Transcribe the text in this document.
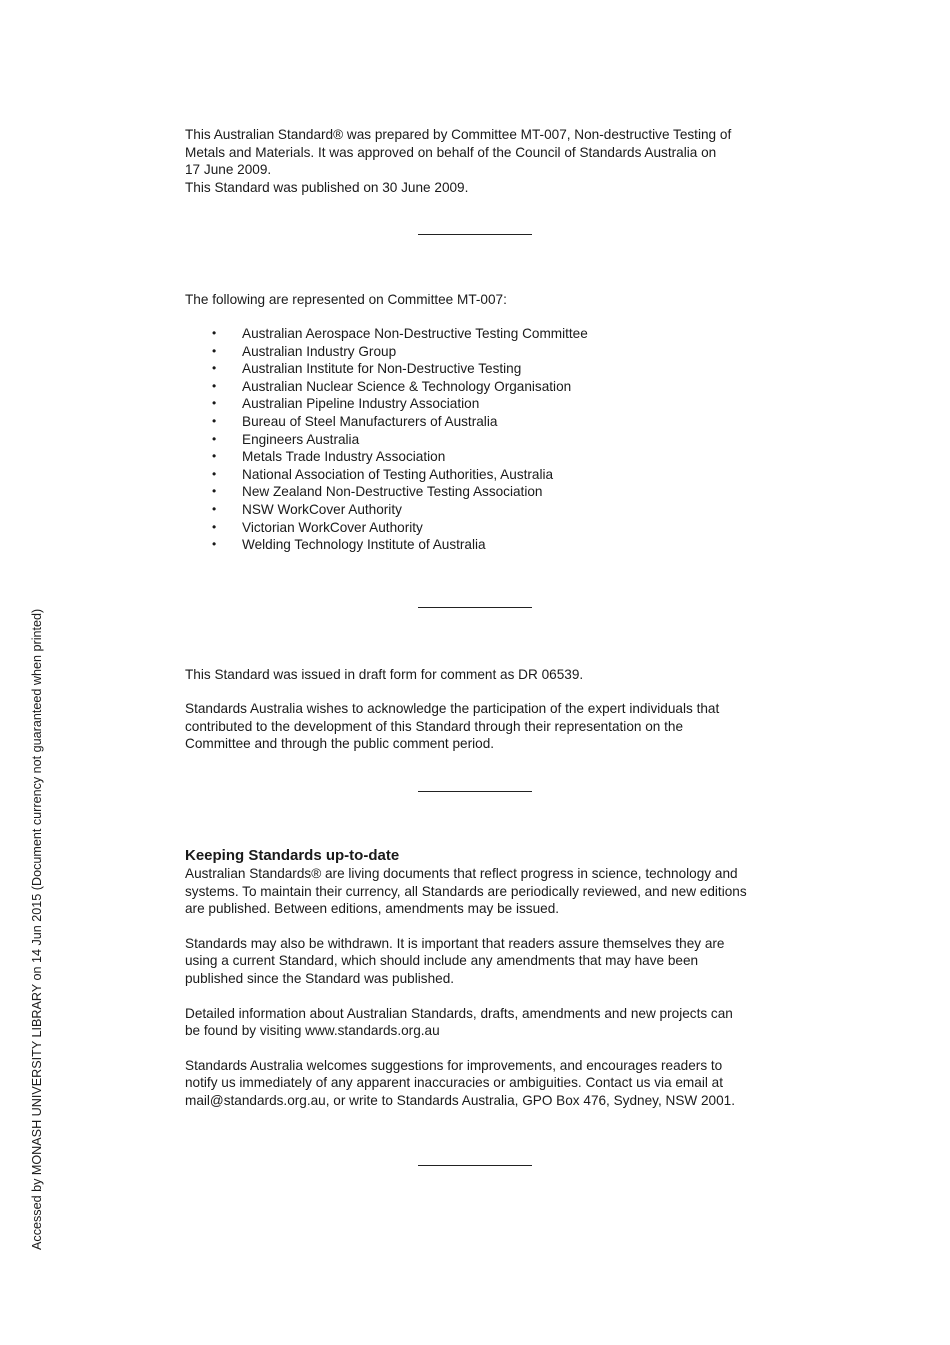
This Australian Standard® was prepared by Committee MT-007, Non-destructive Testing of
Metals and Materials. It was approved on behalf of the Council of Standards Australia on
17 June 2009.
This Standard was published on 30 June 2009.

The following are represented on Committee MT-007:

• Australian Aerospace Non-Destructive Testing Committee
• Australian Industry Group
• Australian Institute for Non-Destructive Testing
• Australian Nuclear Science & Technology Organisation
• Australian Pipeline Industry Association
• Bureau of Steel Manufacturers of Australia
• Engineers Australia
• Metals Trade Industry Association
• National Association of Testing Authorities, Australia
• New Zealand Non-Destructive Testing Association
• NSW WorkCover Authority
• Victorian WorkCover Authority
• Welding Technology Institute of Australia

This Standard was issued in draft form for comment as DR 06539.

Standards Australia wishes to acknowledge the participation of the expert individuals that
contributed to the development of this Standard through their representation on the
Committee and through the public comment period.

Keeping Standards up-to-date

Australian Standards® are living documents that reflect progress in science, technology and
systems. To maintain their currency, all Standards are periodically reviewed, and new editions
are published. Between editions, amendments may be issued.

Standards may also be withdrawn. It is important that readers assure themselves they are
using a current Standard, which should include any amendments that may have been
published since the Standard was published.

Detailed information about Australian Standards, drafts, amendments and new projects can
be found by visiting www.standards.org.au

Standards Australia welcomes suggestions for improvements, and encourages readers to
notify us immediately of any apparent inaccuracies or ambiguities. Contact us via email at
mail@standards.org.au, or write to Standards Australia, GPO Box 476, Sydney, NSW 2001.

Accessed by MONASH UNIVERSITY LIBRARY on 14 Jun 2015 (Document currency not guaranteed when printed)
